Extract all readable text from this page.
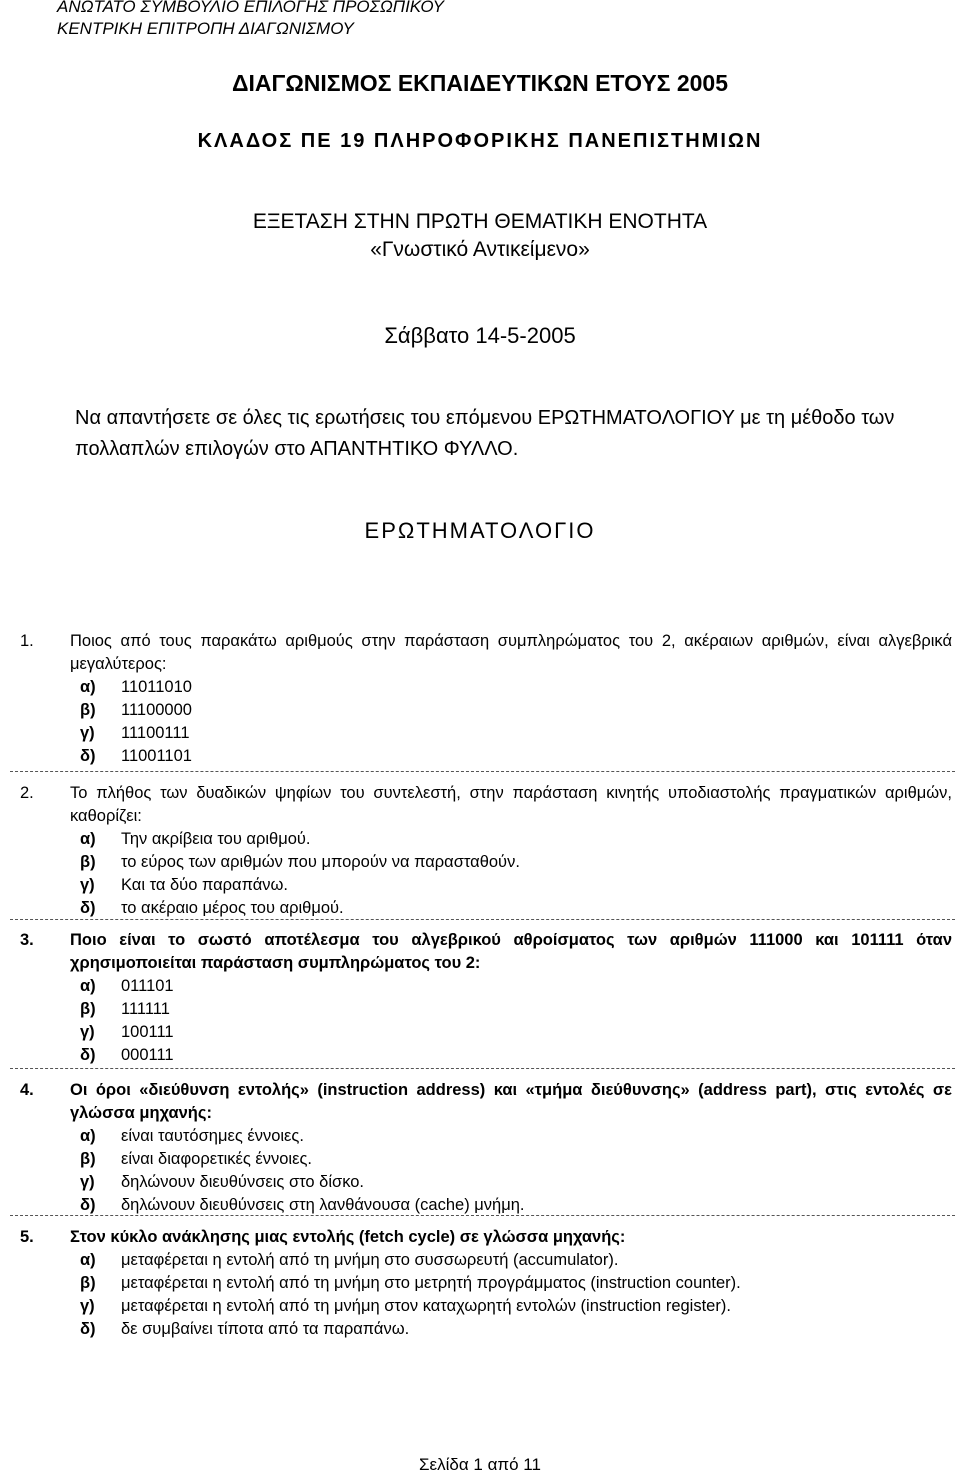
ΑΝΩΤΑΤΟ ΣΥΜΒΟΥΛΙΟ ΕΠΙΛΟΓΗΣ ΠΡΟΣΩΠΙΚΟΥ
ΚΕΝΤΡΙΚΗ ΕΠΙΤΡΟΠΗ ΔΙΑΓΩΝΙΣΜΟΥ
ΔΙΑΓΩΝΙΣΜΟΣ ΕΚΠΑΙΔΕΥΤΙΚΩΝ ΕΤΟΥΣ 2005
ΚΛΑΔΟΣ ΠΕ 19 ΠΛΗΡΟΦΟΡΙΚΗΣ ΠΑΝΕΠΙΣΤΗΜΙΩΝ
ΕΞΕΤΑΣΗ ΣΤΗΝ ΠΡΩΤΗ ΘΕΜΑΤΙΚΗ ΕΝΟΤΗΤΑ
«Γνωστικό Αντικείμενο»
Σάββατο 14-5-2005
Να απαντήσετε σε όλες τις ερωτήσεις του επόμενου ΕΡΩΤΗΜΑΤΟΛΟΓΙΟΥ με τη μέθοδο των πολλαπλών επιλογών στο ΑΠΑΝΤΗΤΙΚΟ ΦΥΛΛΟ.
ΕΡΩΤΗΜΑΤΟΛΟΓΙΟ
1.	Ποιος από τους παρακάτω αριθμούς στην παράσταση συμπληρώματος του 2, ακέραιων αριθμών, είναι αλγεβρικά μεγαλύτερος:
α)	11011010
β)	11100000
γ)	11100111
δ)	11001101
2.	Το πλήθος των δυαδικών ψηφίων του συντελεστή, στην παράσταση κινητής υποδιαστολής πραγματικών αριθμών, καθορίζει:
α)	Την ακρίβεια του αριθμού.
β)	το εύρος των αριθμών που μπορούν να παρασταθούν.
γ)	Και τα δύο παραπάνω.
δ)	το ακέραιο μέρος του αριθμού.
3.	Ποιο είναι το σωστό αποτέλεσμα του αλγεβρικού αθροίσματος των αριθμών 111000 και 101111 όταν χρησιμοποιείται παράσταση συμπληρώματος του 2:
α)	011101
β)	111111
γ)	100111
δ)	000111
4.	Οι όροι «διεύθυνση εντολής» (instruction address) και «τμήμα διεύθυνσης» (address part), στις εντολές σε γλώσσα μηχανής:
α)	είναι ταυτόσημες έννοιες.
β)	είναι διαφορετικές έννοιες.
γ)	δηλώνουν διευθύνσεις στο δίσκο.
δ)	δηλώνουν διευθύνσεις στη λανθάνουσα (cache) μνήμη.
5.	Στον κύκλο ανάκλησης μιας εντολής (fetch cycle) σε γλώσσα μηχανής:
α)	μεταφέρεται η εντολή από τη μνήμη στο συσσωρευτή (accumulator).
β)	μεταφέρεται η εντολή από τη μνήμη στο μετρητή προγράμματος (instruction counter).
γ)	μεταφέρεται η εντολή από τη μνήμη στον καταχωρητή εντολών (instruction register).
δ)	δε συμβαίνει τίποτα από τα παραπάνω.
Σελίδα 1 από 11
